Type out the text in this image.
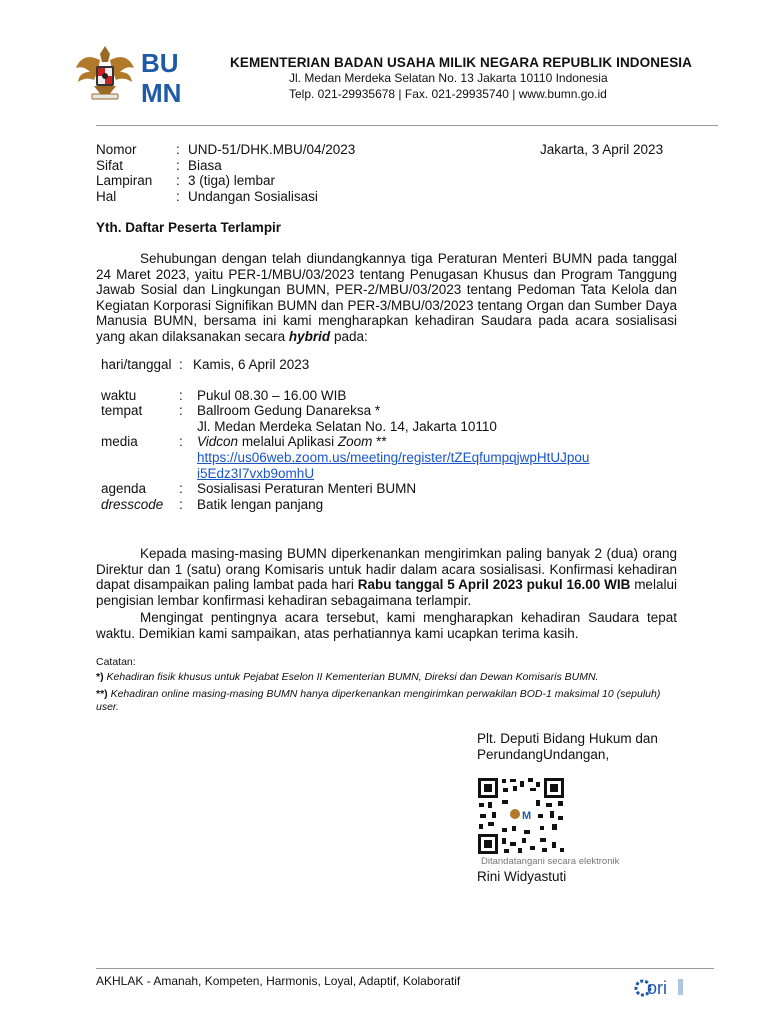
BU
MN
KEMENTERIAN BADAN USAHA MILIK NEGARA REPUBLIK INDONESIA
Jl. Medan Merdeka Selatan No. 13 Jakarta 10110 Indonesia
Telp. 021-29935678 | Fax. 021-29935740 | www.bumn.go.id
Nomor	: UND-51/DHK.MBU/04/2023
Sifat	: Biasa
Lampiran	: 3 (tiga) lembar
Hal	: Undangan Sosialisasi
Jakarta, 3 April 2023
Yth. Daftar Peserta Terlampir

Sehubungan dengan telah diundangkannya tiga Peraturan Menteri BUMN pada tanggal 24 Maret 2023, yaitu PER-1/MBU/03/2023 tentang Penugasan Khusus dan Program Tanggung Jawab Sosial dan Lingkungan BUMN, PER-2/MBU/03/2023 tentang Pedoman Tata Kelola dan Kegiatan Korporasi Signifikan BUMN dan PER-3/MBU/03/2023 tentang Organ dan Sumber Daya Manusia BUMN, bersama ini kami mengharapkan kehadiran Saudara pada acara sosialisasi yang akan dilaksanakan secara hybrid pada:

hari/tanggal : Kamis, 6 April 2023
waktu	:	Pukul 08.30 – 16.00 WIB
tempat	:	Ballroom Gedung Danareksa *
Jl. Medan Merdeka Selatan No. 14, Jakarta 10110
media	:	Vidcon melalui Aplikasi Zoom **
https://us06web.zoom.us/meeting/register/tZEqfumpqjwpHtUJpoui5Edz3I7vxb9omhU
agenda	:	Sosialisasi Peraturan Menteri BUMN
dresscode	:	Batik lengan panjang

Kepada masing-masing BUMN diperkenankan mengirimkan paling banyak 2 (dua) orang Direktur dan 1 (satu) orang Komisaris untuk hadir dalam acara sosialisasi. Konfirmasi kehadiran dapat disampaikan paling lambat pada hari Rabu tanggal 5 April 2023 pukul 16.00 WIB melalui pengisian lembar konfirmasi kehadiran sebagaimana terlampir.

Mengingat pentingnya acara tersebut, kami mengharapkan kehadiran Saudara tepat waktu. Demikian kami sampaikan, atas perhatiannya kami ucapkan terima kasih.

Catatan:
*) Kehadiran fisik khusus untuk Pejabat Eselon II Kementerian BUMN, Direksi dan Dewan Komisaris BUMN.
**) Kehadiran online masing-masing BUMN hanya diperkenankan mengirimkan perwakilan BOD-1 maksimal 10 (sepuluh) user.
Plt. Deputi Bidang Hukum dan
PerundangUndangan,
M
Ditandatangani secara elektronik
Rini Widyastuti
AKHLAK - Amanah, Kompeten, Harmonis, Loyal, Adaptif, Kolaboratif	ori
